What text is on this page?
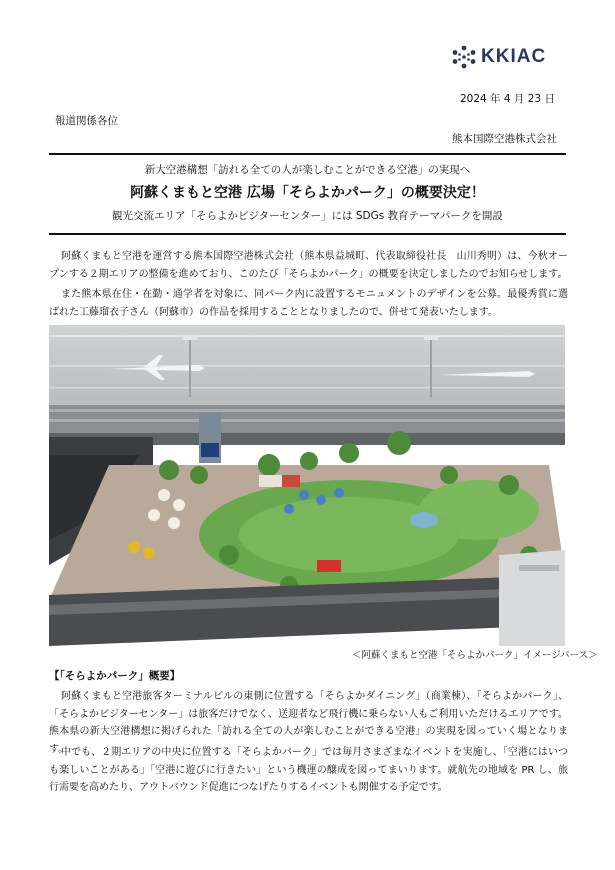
KKIAC
2024 年 4 月 23 日
報道関係各位
熊本国際空港株式会社
新大空港構想「訪れる全ての人が楽しむことができる空港」の実現へ
阿蘇くまもと空港 広場「そらよかパーク」の概要決定！
観光交流エリア「そらよかビジターセンター」には SDGs 教育テーマパークを開設
阿蘇くまもと空港を運営する熊本国際空港株式会社（熊本県益城町、代表取締役社長　山川秀明）は、今秋オープンする２期エリアの整備を進めており、このたび「そらよかパーク」の概要を決定しましたのでお知らせします。
また熊本県在住・在勤・通学者を対象に、同パーク内に設置するモニュメントのデザインを公募。最優秀賞に選ばれた工藤瑠衣子さん（阿蘇市）の作品を採用することとなりましたので、併せて発表いたします。
＜阿蘇くまもと空港「そらよかパーク」イメージパース＞
【「そらよかパーク」概要】
阿蘇くまもと空港旅客ターミナルビルの東側に位置する「そらよかダイニング」（商業棟）、「そらよかパーク」、「そらよかビジターセンター」は旅客だけでなく、送迎者など飛行機に乗らない人もご利用いただけるエリアです。熊本県の新大空港構想に掲げられた「訪れる全ての人が楽しむことができる空港」の実現を図っていく場となります。
中でも、２期エリアの中央に位置する「そらよかパーク」では毎月さまざまなイベントを実施し、「空港にはいつも楽しいことがある」「空港に遊びに行きたい」という機運の醸成を図ってまいります。就航先の地域を PR し、旅行需要を高めたり、アウトバウンド促進につなげたりするイベントも開催する予定です。
